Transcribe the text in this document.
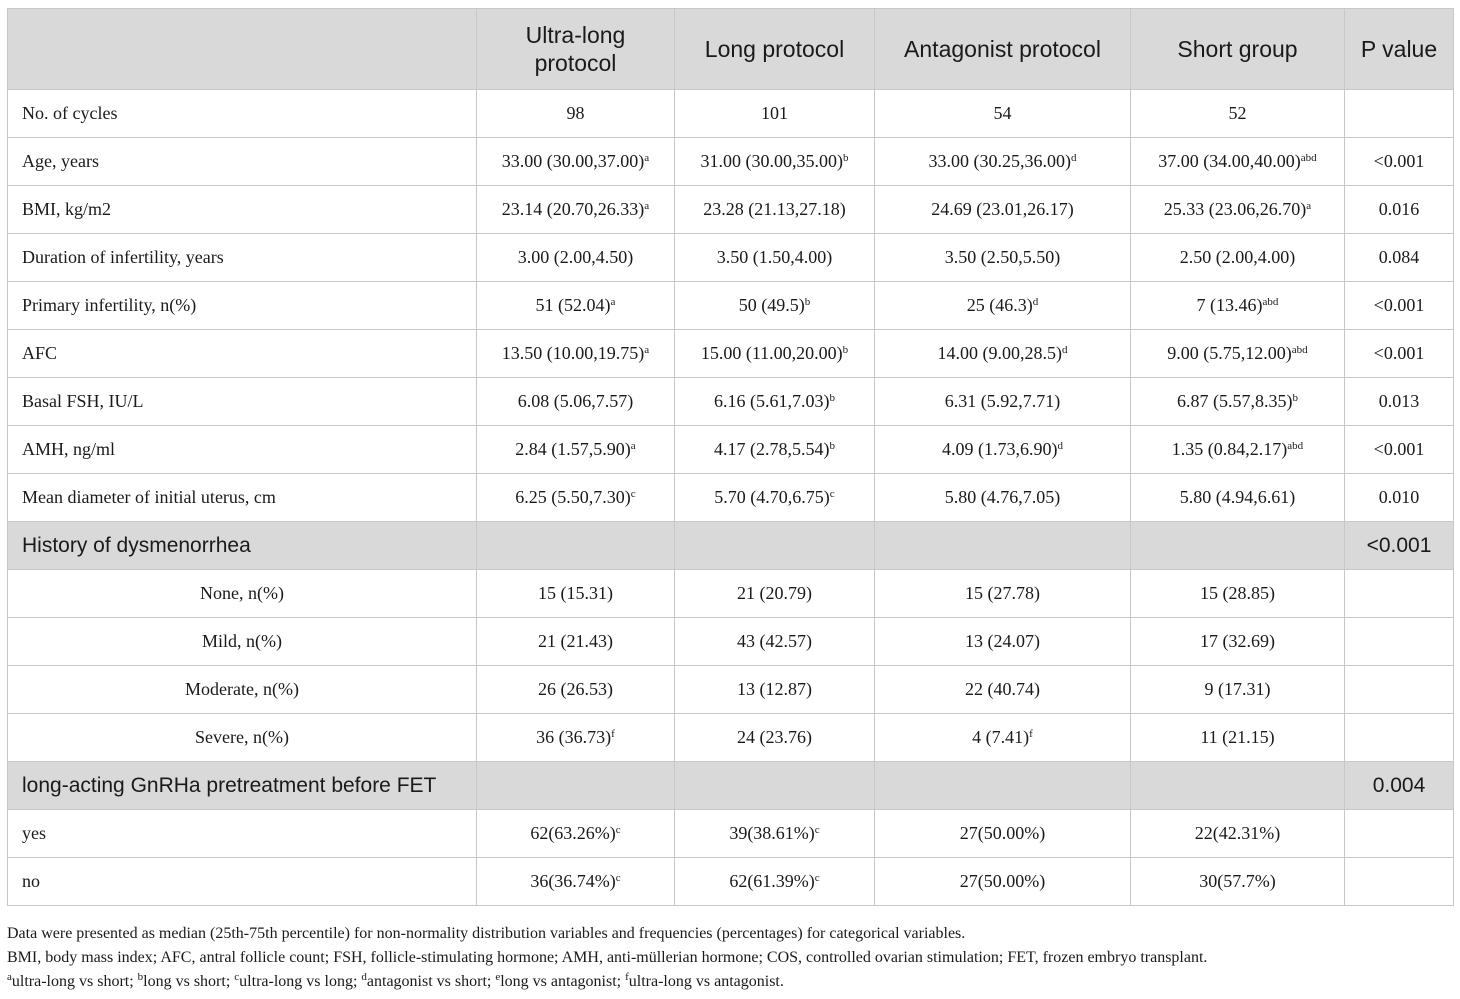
	Ultra-long protocol	Long protocol	Antagonist protocol	Short group	P value
No. of cycles	98	101	54	52	
Age, years	33.00 $(30.00,37.00)^a$	31.00 $(30.00,35.00)^b$	33.00 $(30.25,36.00)^d$	37.00 $(34.00,40.00)^{abd}$	<0.001
BMI, kg/m2	23.14 $(20.70,26.33)^a$	23.28 (21.13,27.18)	24.69 (23.01,26.17)	25.33 $(23.06,26.70)^a$	0.016
Duration of infertility, years	3.00 (2.00,4.50)	3.50 (1.50,4.00)	3.50 (2.50,5.50)	2.50 (2.00,4.00)	0.084
Primary infertility, n(%)	51 $(52.04)^a$	50 $(49.5)^b$	25 $(46.3)^d$	7 $(13.46)^{abd}$	<0.001
AFC	13.50 $(10.00,19.75)^a$	15.00 $(11.00,20.00)^b$	14.00 $(9.00,28.5)^d$	9.00 $(5.75,12.00)^{abd}$	<0.001
Basal FSH, IU/L	6.08 (5.06,7.57)	6.16 $(5.61,7.03)^b$	6.31 (5.92,7.71)	6.87 $(5.57,8.35)^b$	0.013
AMH, ng/ml	2.84 $(1.57,5.90)^a$	4.17 $(2.78,5.54)^b$	4.09 $(1.73,6.90)^d$	1.35 $(0.84,2.17)^{abd}$	<0.001
Mean diameter of initial uterus, cm	6.25 $(5.50,7.30)^c$	5.70 $(4.70,6.75)^c$	5.80 (4.76,7.05)	5.80 (4.94,6.61)	0.010
History of dysmenorrhea					<0.001
None, n(%)	15 (15.31)	21 (20.79)	15 (27.78)	15 (28.85)	
Mild, n(%)	21 (21.43)	43 (42.57)	13 (24.07)	17 (32.69)	
Moderate, n(%)	26 (26.53)	13 (12.87)	22 (40.74)	9 (17.31)	
Severe, n(%)	36 $(36.73)^f$	24 (23.76)	4 $(7.41)^f$	11 (21.15)	
long-acting GnRHa pretreatment before FET					0.004
yes	$62(63.26\%)^c$	$39(38.61\%)^c$	27(50.00%)	22(42.31%)	
no	$36(36.74\%)^c$	$62(61.39\%)^c$	27(50.00%)	30(57.7%)	

Data were presented as median (25th-75th percentile) for non-normality distribution variables and frequencies (percentages) for categorical variables.

BMI, body mass index; AFC, antral follicle count; FSH, follicle-stimulating hormone; AMH, anti-müllerian hormone; COS, controlled ovarian stimulation; FET, frozen embryo transplant.

$^a$ultra-long vs short; $^b$long vs short; $^c$ultra-long vs long; $^d$antagonist vs short; $^e$long vs antagonist; $^f$ultra-long vs antagonist.
